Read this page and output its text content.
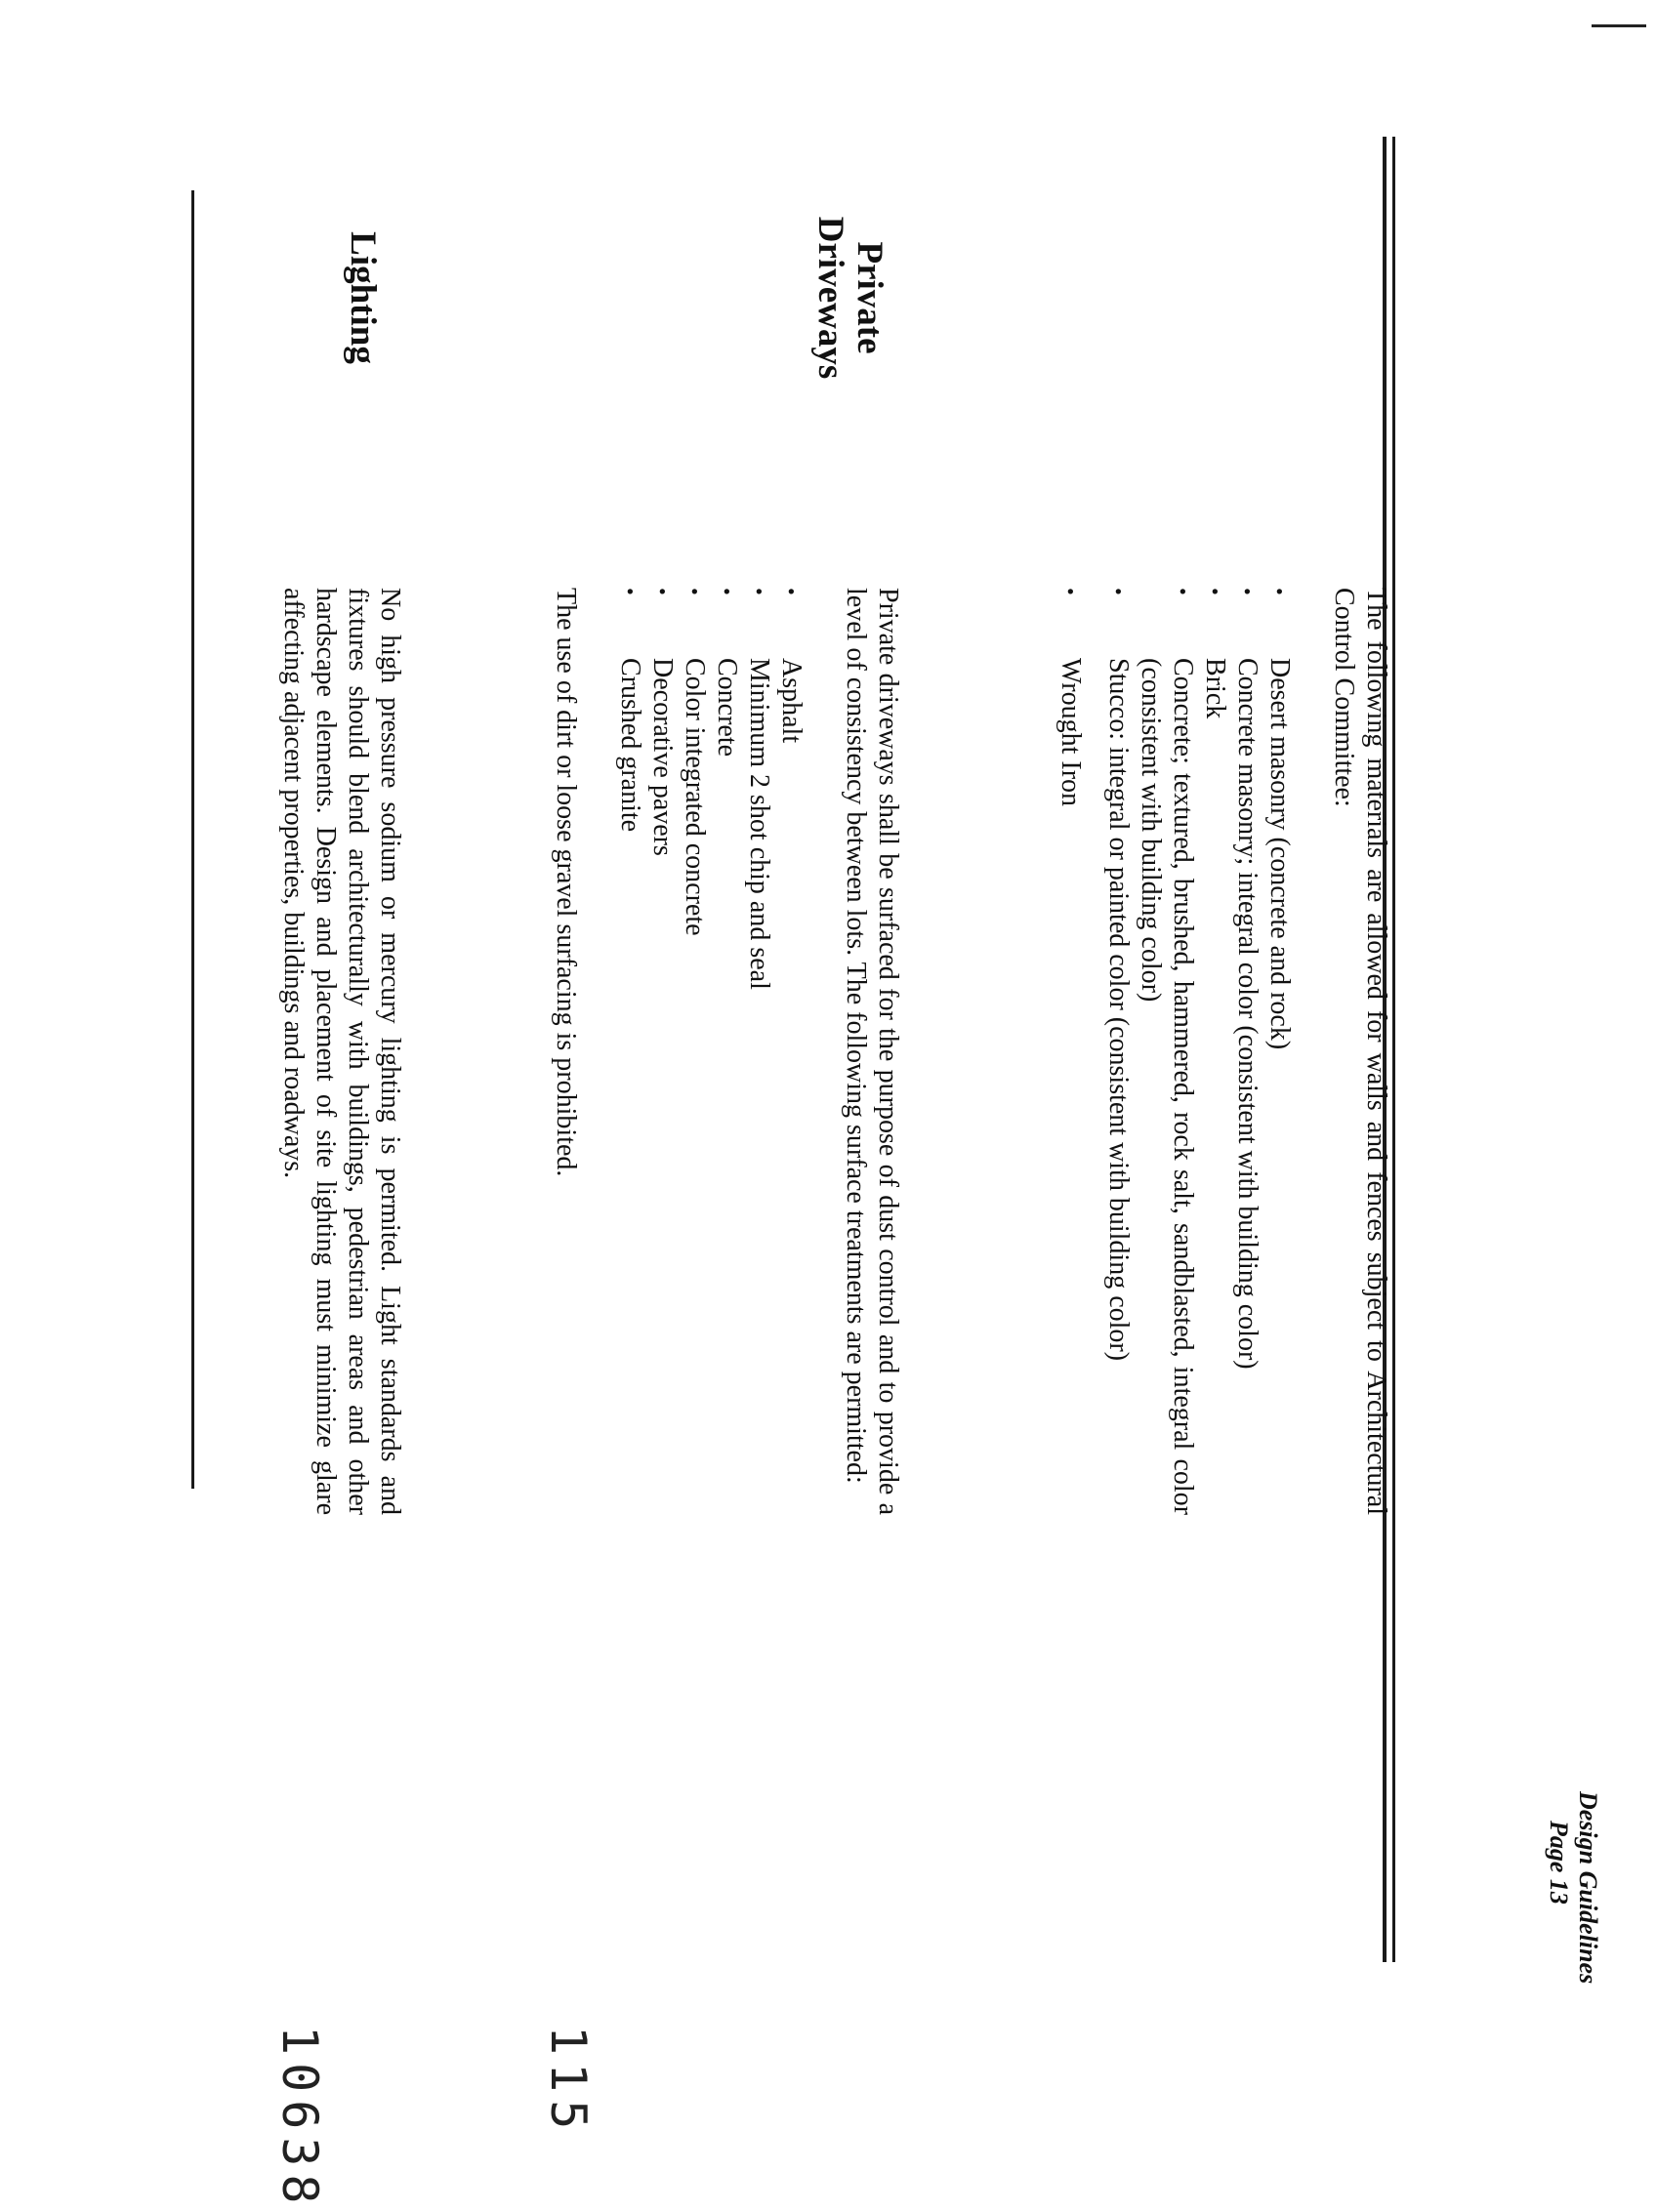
Design Guidelines
Page 13

The following materials are allowed for walls and fences subject to Architectural Control Committee:

•
Desert masonry (concrete and rock)
•
Concrete masonry; integral color (consistent with building color)
•
Brick
•
Concrete; textured, brushed, hammered, rock salt, sandblasted, integral color (consistent with building color)
•
Stucco: integral or painted color (consistent with building color)
•
Wrought Iron
Private
Driveways

Private driveways shall be surfaced for the purpose of dust control and to provide a level of consistency between lots. The following surface treatments are permitted:

•
Asphalt
•
Minimum 2 shot chip and seal
•
Concrete
•
Color integrated concrete
•
Decorative pavers
•
Crushed granite

The use of dirt or loose gravel surfacing is prohibited.

Lighting

No high pressure sodium or mercury lighting is permited. Light standards and fixtures should blend architecturally with buildings, pedestrian areas and other hardscape elements. Design and placement of site lighting must minimize glare affecting adjacent properties, buildings and roadways.

10638	115
